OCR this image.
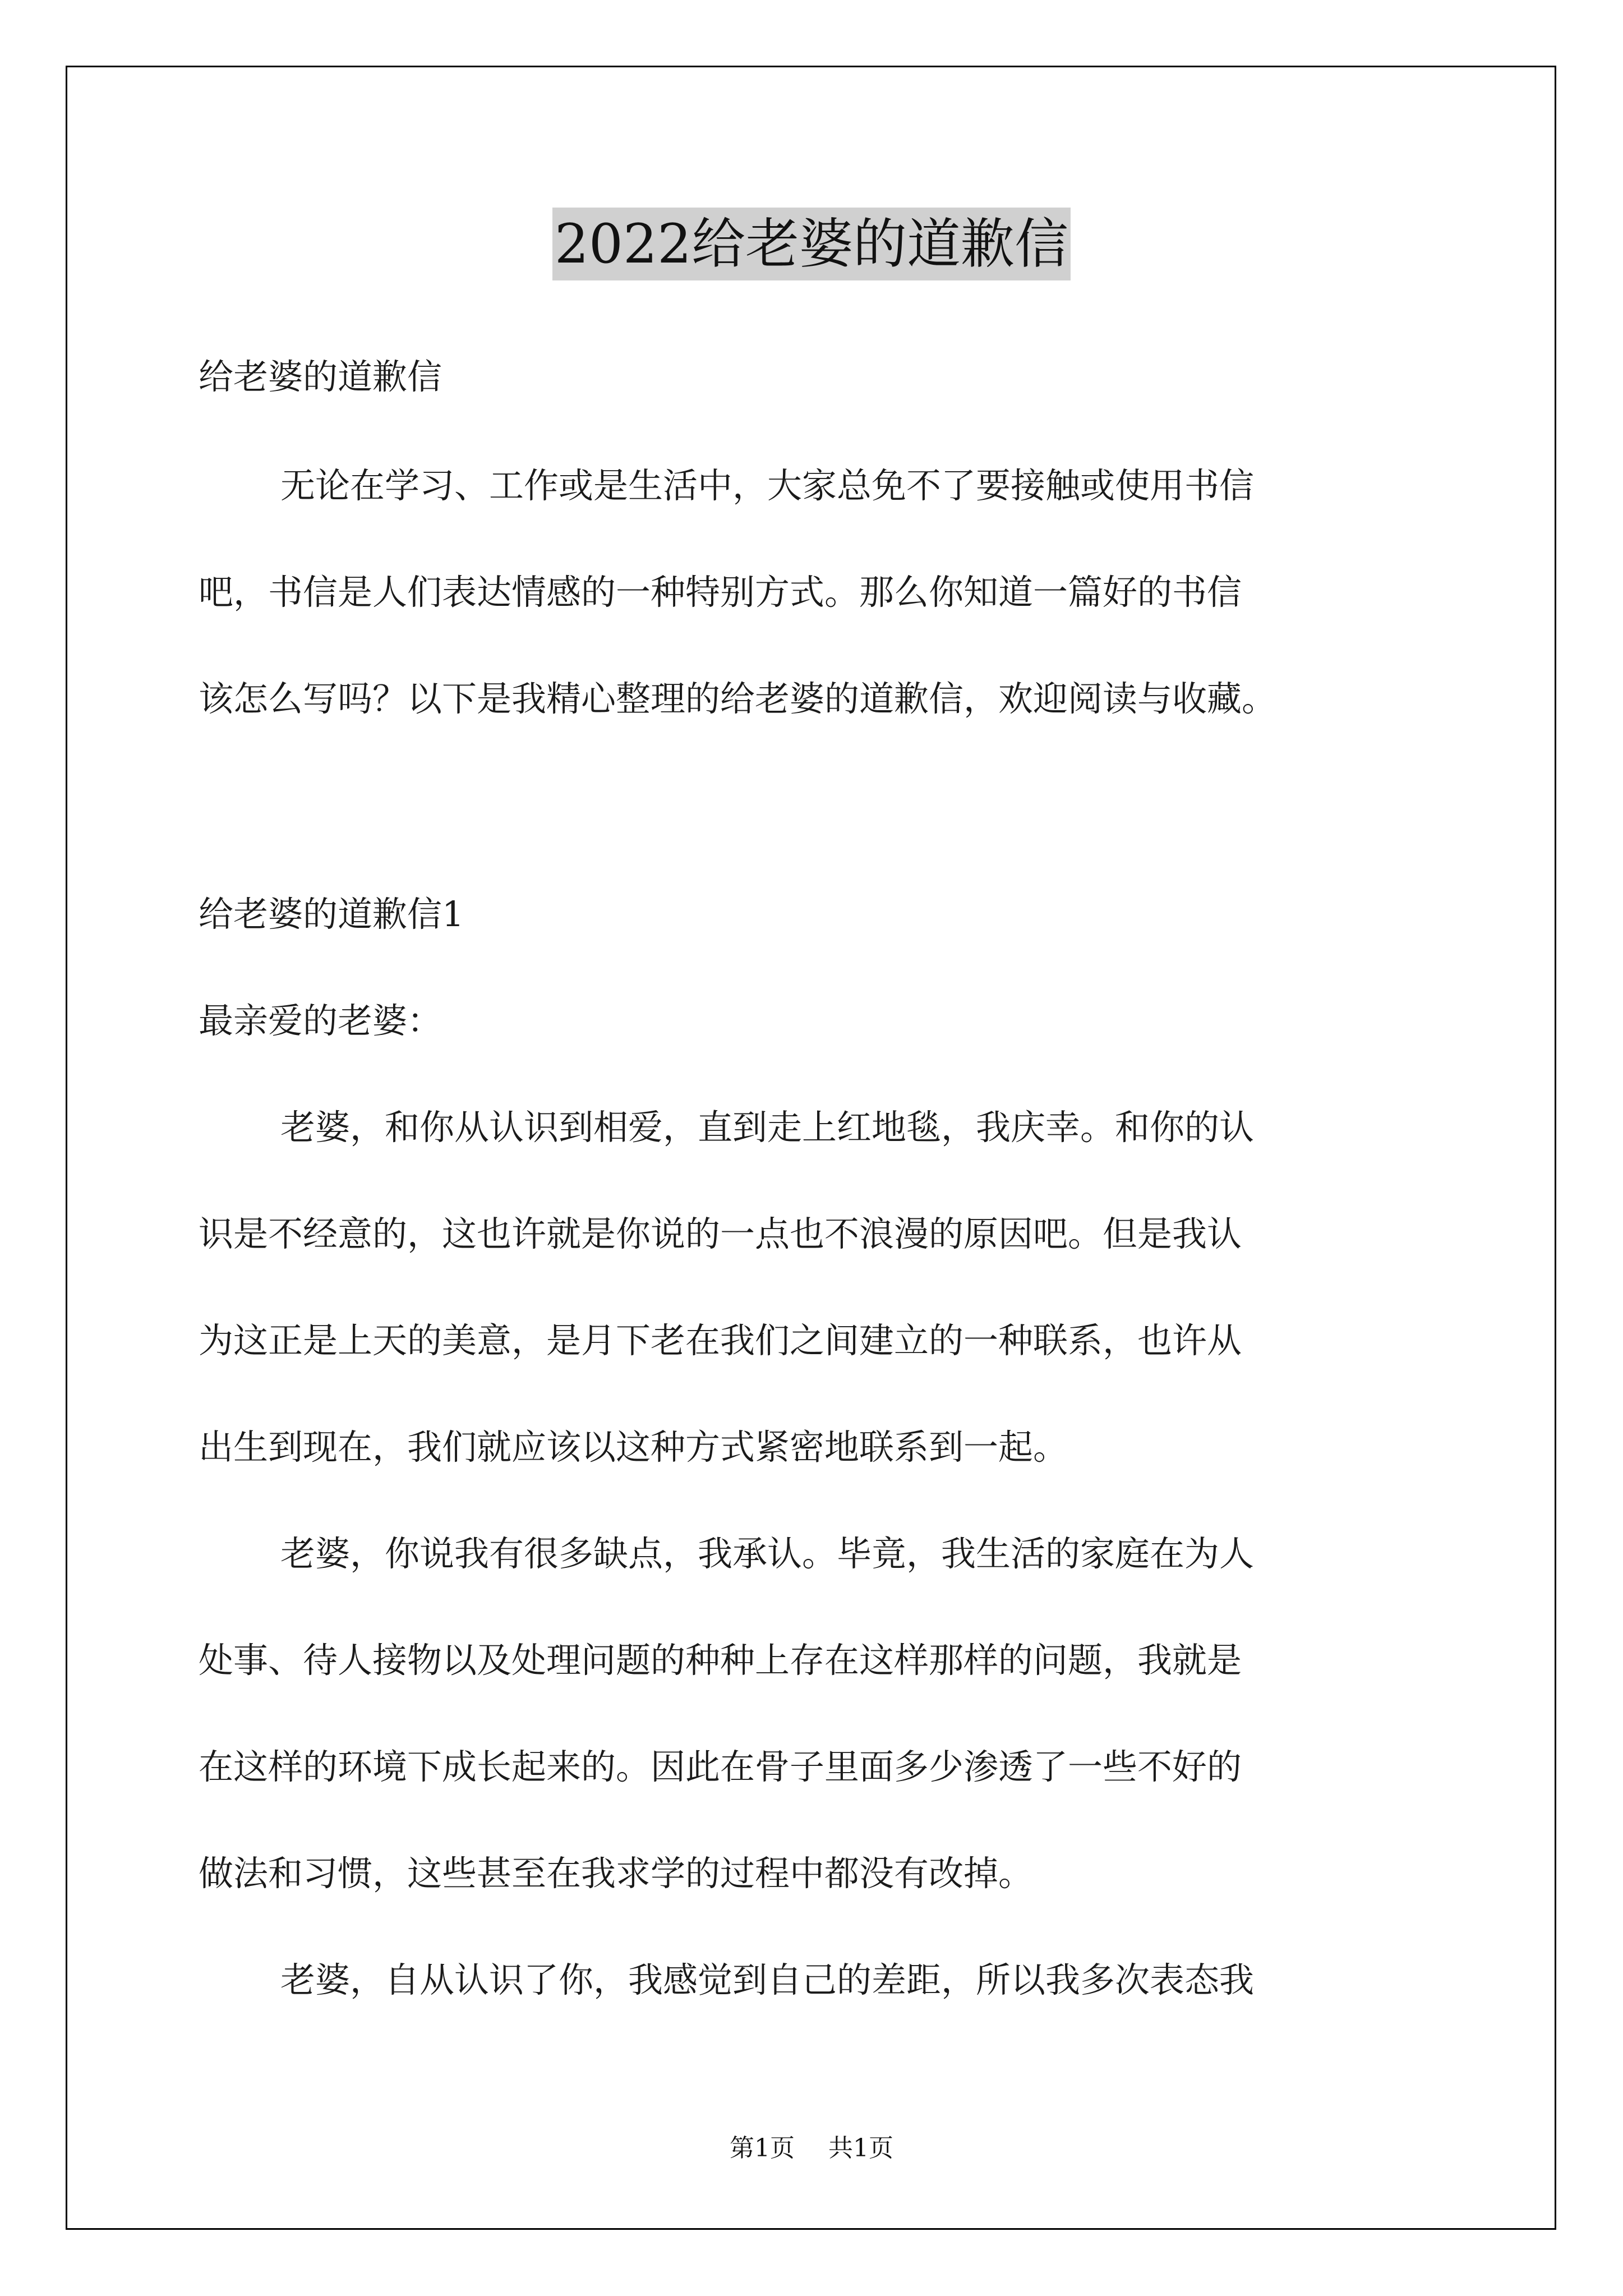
2022给老婆的道歉信

给老婆的道歉信

无论在学习、工作或是生活中，大家总免不了要接触或使用书信

吧，书信是人们表达情感的一种特别方式。那么你知道一篇好的书信

该怎么写吗？以下是我精心整理的给老婆的道歉信，欢迎阅读与收藏。

给老婆的道歉信1

最亲爱的老婆：

老婆，和你从认识到相爱，直到走上红地毯，我庆幸。和你的认

识是不经意的，这也许就是你说的一点也不浪漫的原因吧。但是我认

为这正是上天的美意，是月下老在我们之间建立的一种联系，也许从

出生到现在，我们就应该以这种方式紧密地联系到一起。

老婆，你说我有很多缺点，我承认。毕竟，我生活的家庭在为人

处事、待人接物以及处理问题的种种上存在这样那样的问题，我就是

在这样的环境下成长起来的。因此在骨子里面多少渗透了一些不好的

做法和习惯，这些甚至在我求学的过程中都没有改掉。

老婆，自从认识了你，我感觉到自己的差距，所以我多次表态我

第1页 共1页
